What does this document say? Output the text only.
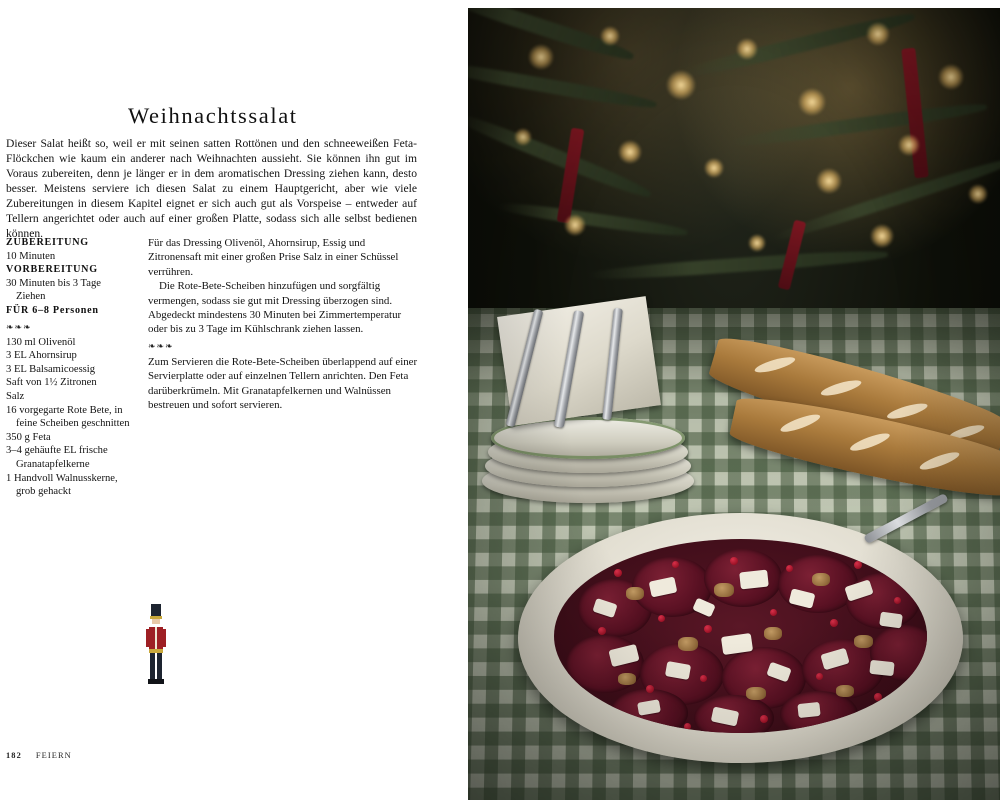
Weihnachtssalat

Dieser Salat heißt so, weil er mit seinen satten Rottönen und den schneeweißen Feta-Flöckchen wie kaum ein anderer nach Weihnachten aussieht. Sie können ihn gut im Voraus zubereiten, denn je länger er in dem aromatischen Dressing ziehen kann, desto besser. Meistens serviere ich diesen Salat zu einem Hauptgericht, aber wie viele Zubereitungen in diesem Kapitel eignet er sich auch gut als Vorspeise – entweder auf Tellern angerichtet oder auch auf einer großen Platte, sodass sich alle selbst bedienen können.

ZUBEREITUNG
10 Minuten
VORBEREITUNG
30 Minuten bis 3 Tage
Ziehen
FÜR 6–8 Personen
❧❧❧
130 ml Olivenöl
3 EL Ahornsirup
3 EL Balsamicoessig
Saft von 1½ Zitronen
Salz
16 vorgegarte Rote Bete, in
feine Scheiben geschnitten
350 g Feta
3–4 gehäufte EL frische
Granatapfelkerne
1 Handvoll Walnusskerne,
grob gehackt

Für das Dressing Olivenöl, Ahornsirup, Essig und Zitronensaft mit einer großen Prise Salz in einer Schüssel verrühren.

Die Rote-Bete-Scheiben hinzufügen und sorgfältig vermengen, sodass sie gut mit Dressing überzogen sind. Abgedeckt mindestens 30 Minuten bei Zimmertemperatur oder bis zu 3 Tage im Kühlschrank ziehen lassen.

❧❧❧

Zum Servieren die Rote-Bete-Scheiben überlappend auf einer Servierplatte oder auf einzelnen Tellern anrichten. Den Feta darüberkrümeln. Mit Granatapfelkernen und Walnüssen bestreuen und sofort servieren.

182 FEIERN
